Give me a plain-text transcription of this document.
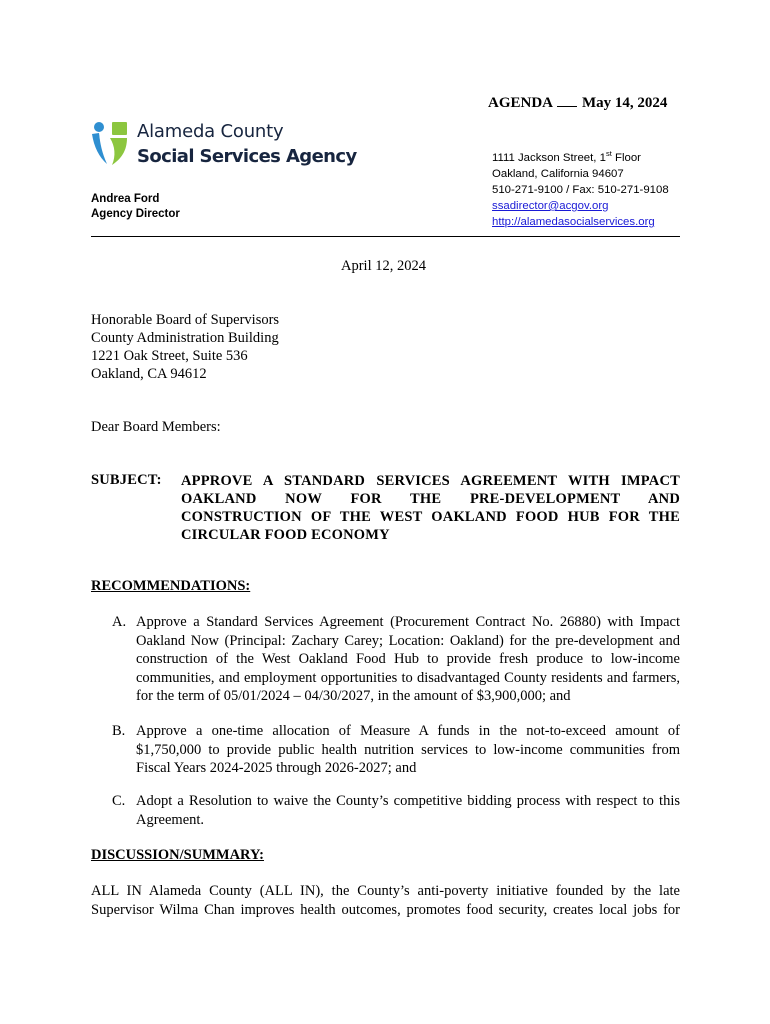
AGENDA May 14, 2024
Alameda County
Social Services Agency	1111 Jackson Street, 1st Floor
Oakland, California 94607
510-271-9100 / Fax: 510-271-9108
ssadirector@acgov.org
http://alamedasocialservices.org
Andrea Ford
Agency Director
April 12, 2024
Honorable Board of Supervisors
County Administration Building
1221 Oak Street, Suite 536
Oakland, CA 94612
Dear Board Members:
SUBJECT: APPROVE A STANDARD SERVICES AGREEMENT WITH IMPACT OAKLAND NOW FOR THE PRE-DEVELOPMENT AND CONSTRUCTION OF THE WEST OAKLAND FOOD HUB FOR THE CIRCULAR FOOD ECONOMY
RECOMMENDATIONS:
A. Approve a Standard Services Agreement (Procurement Contract No. 26880) with Impact Oakland Now (Principal: Zachary Carey; Location: Oakland) for the pre-development and construction of the West Oakland Food Hub to provide fresh produce to low-income communities, and employment opportunities to disadvantaged County residents and farmers, for the term of 05/01/2024 – 04/30/2027, in the amount of $3,900,000; and
B. Approve a one-time allocation of Measure A funds in the not-to-exceed amount of $1,750,000 to provide public health nutrition services to low-income communities from Fiscal Years 2024-2025 through 2026-2027; and
C. Adopt a Resolution to waive the County’s competitive bidding process with respect to this Agreement.
DISCUSSION/SUMMARY:
ALL IN Alameda County (ALL IN), the County’s anti-poverty initiative founded by the late Supervisor Wilma Chan improves health outcomes, promotes food security, creates local jobs for
